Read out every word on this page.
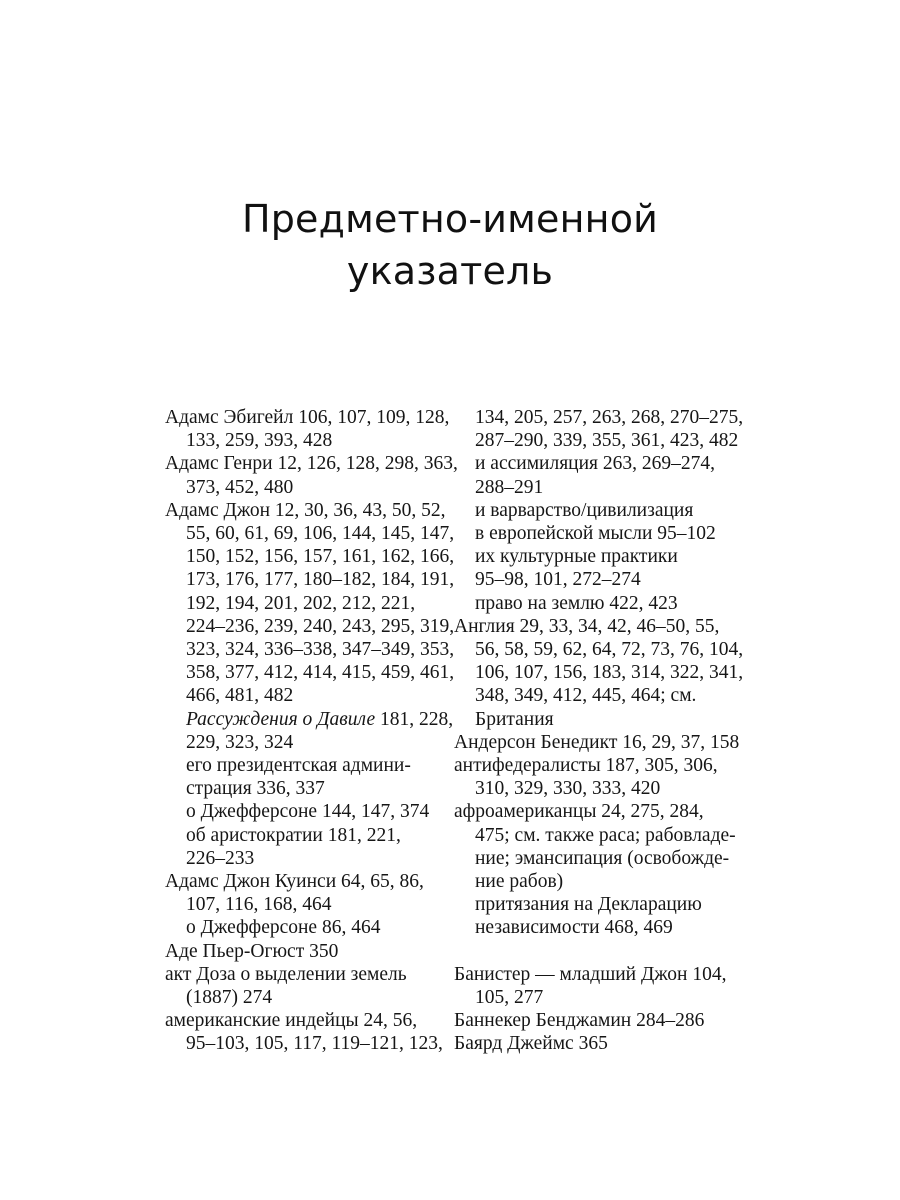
Предметно-именной
указатель
Адамс Эбигейл 106, 107, 109, 128,
133, 259, 393, 428
Адамс Генри 12, 126, 128, 298, 363,
373, 452, 480
Адамс Джон 12, 30, 36, 43, 50, 52,
55, 60, 61, 69, 106, 144, 145, 147,
150, 152, 156, 157, 161, 162, 166,
173, 176, 177, 180–182, 184, 191,
192, 194, 201, 202, 212, 221,
224–236, 239, 240, 243, 295, 319,
323, 324, 336–338, 347–349, 353,
358, 377, 412, 414, 415, 459, 461,
466, 481, 482
Рассуждения о Давиле 181, 228,
229, 323, 324
его президентская админи-
страция 336, 337
о Джефферсоне 144, 147, 374
об аристократии 181, 221,
226–233
Адамс Джон Куинси 64, 65, 86,
107, 116, 168, 464
о Джефферсоне 86, 464
Аде Пьер-Огюст 350
акт Доза о выделении земель
(1887) 274
американские индейцы 24, 56,
95–103, 105, 117, 119–121, 123,
134, 205, 257, 263, 268, 270–275,
287–290, 339, 355, 361, 423, 482
и ассимиляция 263, 269–274,
288–291
и варварство/цивилизация
в европейской мысли 95–102
их культурные практики
95–98, 101, 272–274
право на землю 422, 423
Англия 29, 33, 34, 42, 46–50, 55,
56, 58, 59, 62, 64, 72, 73, 76, 104,
106, 107, 156, 183, 314, 322, 341,
348, 349, 412, 445, 464; см.
Британия
Андерсон Бенедикт 16, 29, 37, 158
антифедералисты 187, 305, 306,
310, 329, 330, 333, 420
афроамериканцы 24, 275, 284,
475; см. также раса; рабовладе-
ние; эмансипация (освобожде-
ние рабов)
притязания на Декларацию
независимости 468, 469
Банистер — младший Джон 104,
105, 277
Баннекер Бенджамин 284–286
Баярд Джеймс 365
